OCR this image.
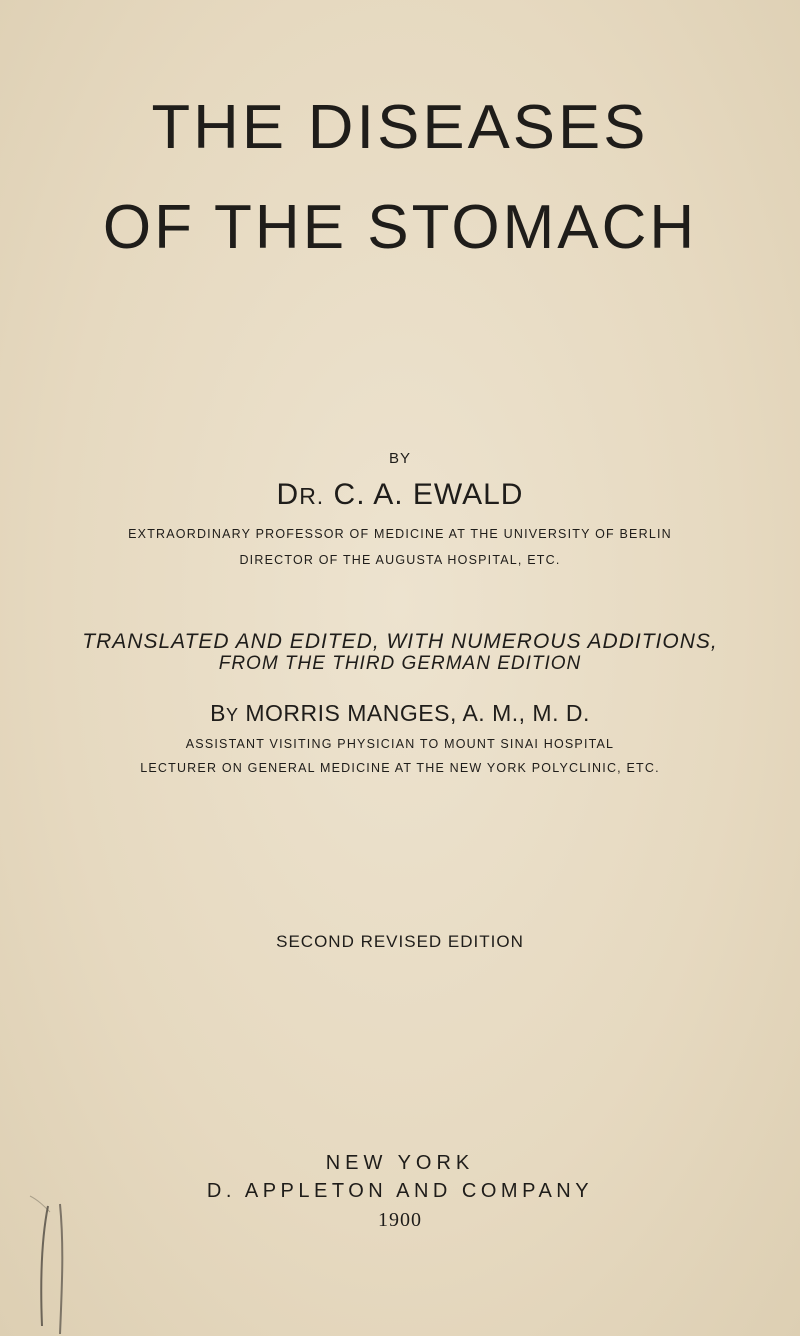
THE DISEASES
OF THE STOMACH
BY
DR. C. A. EWALD
EXTRAORDINARY PROFESSOR OF MEDICINE AT THE UNIVERSITY OF BERLIN
DIRECTOR OF THE AUGUSTA HOSPITAL, ETC.
TRANSLATED AND EDITED, WITH NUMEROUS ADDITIONS,
FROM THE THIRD GERMAN EDITION
BY MORRIS MANGES, A. M., M. D.
ASSISTANT VISITING PHYSICIAN TO MOUNT SINAI HOSPITAL
LECTURER ON GENERAL MEDICINE AT THE NEW YORK POLYCLINIC, ETC.
SECOND REVISED EDITION
NEW YORK
D. APPLETON AND COMPANY
1900
